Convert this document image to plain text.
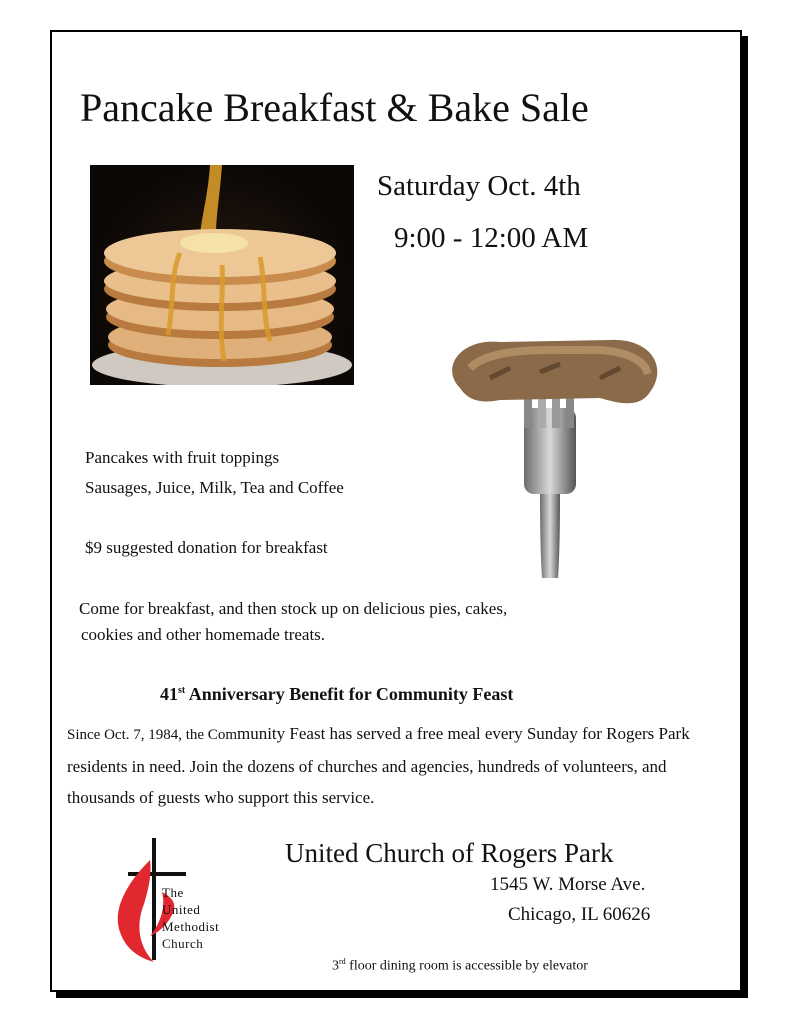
Pancake Breakfast & Bake Sale
Saturday Oct. 4th
9:00 - 12:00 AM
Pancakes with fruit toppings
Sausages, Juice, Milk, Tea and Coffee
$9 suggested donation for breakfast
Come for breakfast, and then stock up on delicious pies, cakes,
cookies and other homemade treats.
41st Anniversary Benefit for Community Feast
Since Oct. 7, 1984, the Community Feast has served a free meal every Sunday for Rogers Park residents in need. Join the dozens of churches and agencies, hundreds of volunteers, and thousands of guests who support this service.
The
United
Methodist
Church
United Church of Rogers Park
1545 W. Morse Ave.
Chicago, IL 60626
3rd floor dining room is accessible by elevator
